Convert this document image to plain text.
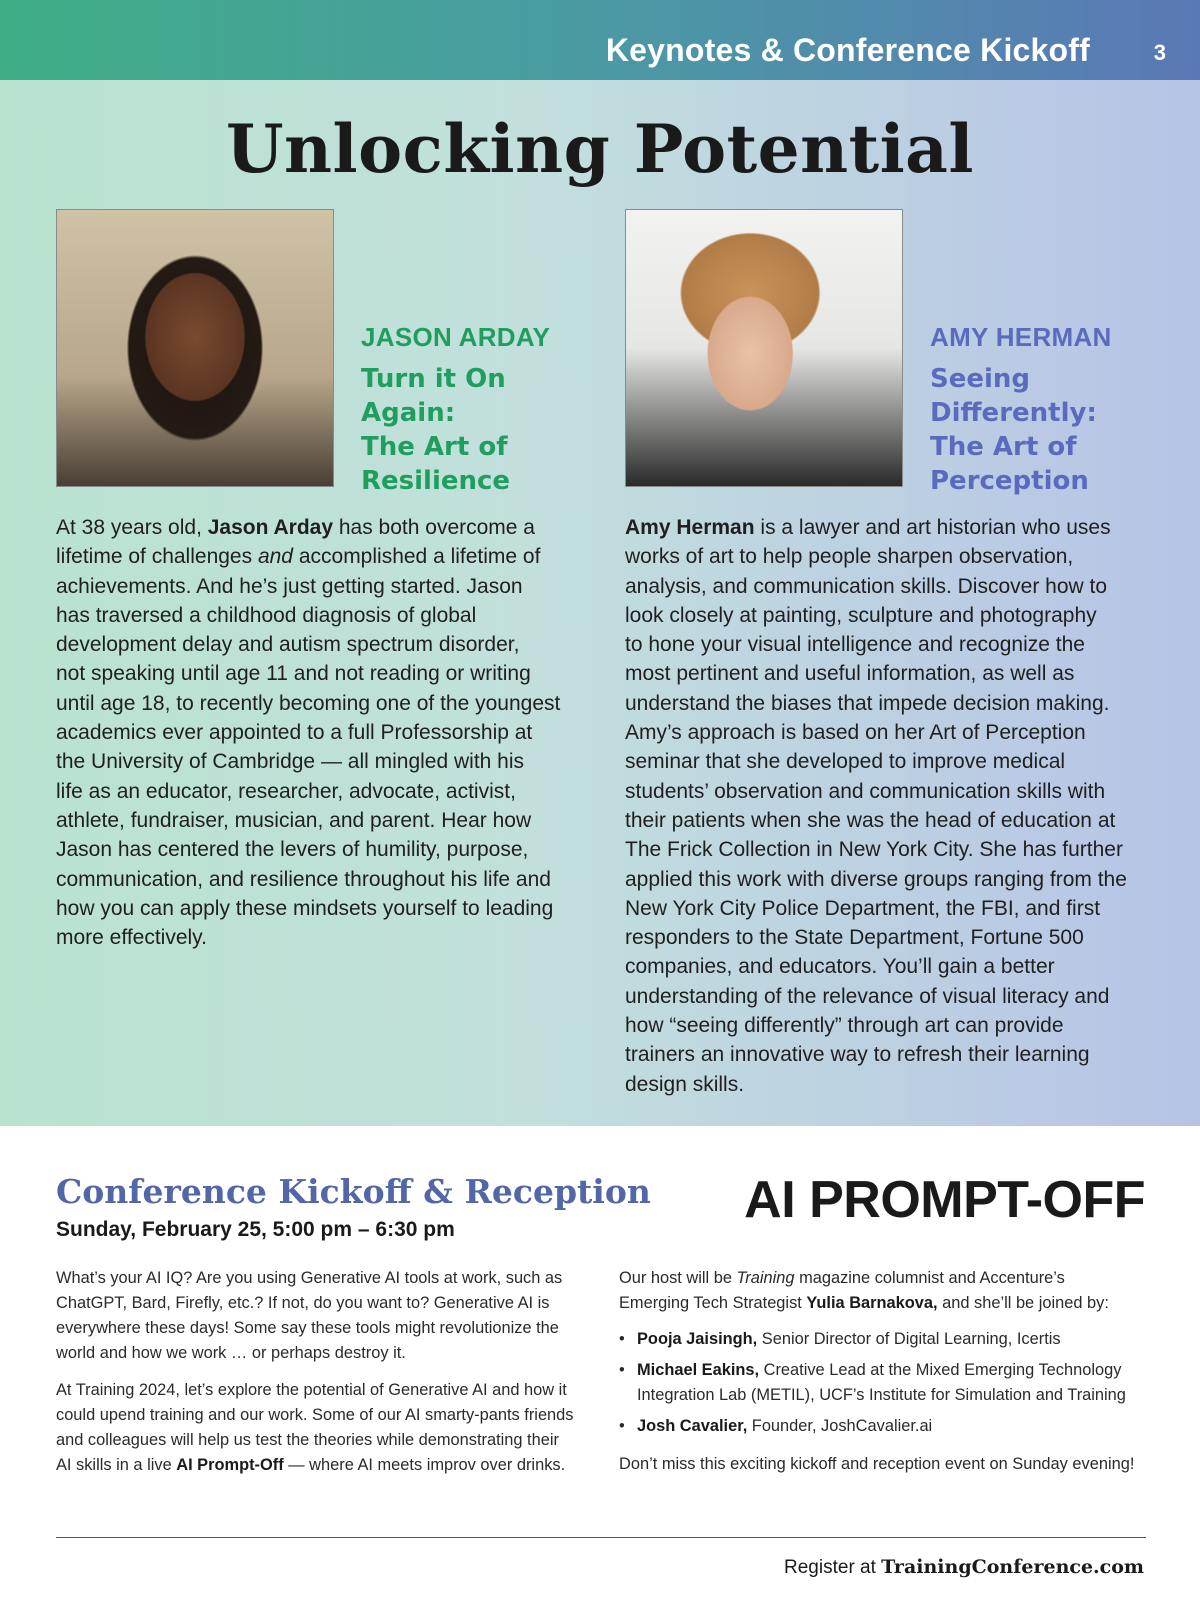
Keynotes & Conference Kickoff	3
Unlocking Potential
JASON ARDAY
Turn it On
Again:
The Art of
Resilience
At 38 years old, Jason Arday has both overcome a
lifetime of challenges and accomplished a lifetime of
achievements. And he’s just getting started. Jason
has traversed a childhood diagnosis of global
development delay and autism spectrum disorder,
not speaking until age 11 and not reading or writing
until age 18, to recently becoming one of the youngest
academics ever appointed to a full Professorship at
the University of Cambridge — all mingled with his
life as an educator, researcher, advocate, activist,
athlete, fundraiser, musician, and parent. Hear how
Jason has centered the levers of humility, purpose,
communication, and resilience throughout his life and
how you can apply these mindsets yourself to leading
more effectively.
AMY HERMAN
Seeing
Differently:
The Art of
Perception
Amy Herman is a lawyer and art historian who uses
works of art to help people sharpen observation,
analysis, and communication skills. Discover how to
look closely at painting, sculpture and photography
to hone your visual intelligence and recognize the
most pertinent and useful information, as well as
understand the biases that impede decision making.
Amy’s approach is based on her Art of Perception
seminar that she developed to improve medical
students’ observation and communication skills with
their patients when she was the head of education at
The Frick Collection in New York City. She has further
applied this work with diverse groups ranging from the
New York City Police Department, the FBI, and first
responders to the State Department, Fortune 500
companies, and educators. You’ll gain a better
understanding of the relevance of visual literacy and
how “seeing differently” through art can provide
trainers an innovative way to refresh their learning
design skills.
Conference Kickoff & Reception
Sunday, February 25, 5:00 pm – 6:30 pm
What’s your AI IQ? Are you using Generative AI tools at work, such as
ChatGPT, Bard, Firefly, etc.? If not, do you want to? Generative AI is
everywhere these days! Some say these tools might revolutionize the
world and how we work … or perhaps destroy it.
At Training 2024, let’s explore the potential of Generative AI and how it
could upend training and our work. Some of our AI smarty-pants friends
and colleagues will help us test the theories while demonstrating their
AI skills in a live AI Prompt-Off — where AI meets improv over drinks.
AI PROMPT-OFF
Our host will be Training magazine columnist and Accenture’s
Emerging Tech Strategist Yulia Barnakova, and she’ll be joined by:
• Pooja Jaisingh, Senior Director of Digital Learning, Icertis
• Michael Eakins, Creative Lead at the Mixed Emerging Technology Integration Lab (METIL), UCF’s Institute for Simulation and Training
• Josh Cavalier, Founder, JoshCavalier.ai
Don’t miss this exciting kickoff and reception event on Sunday evening!
Register at TrainingConference.com
